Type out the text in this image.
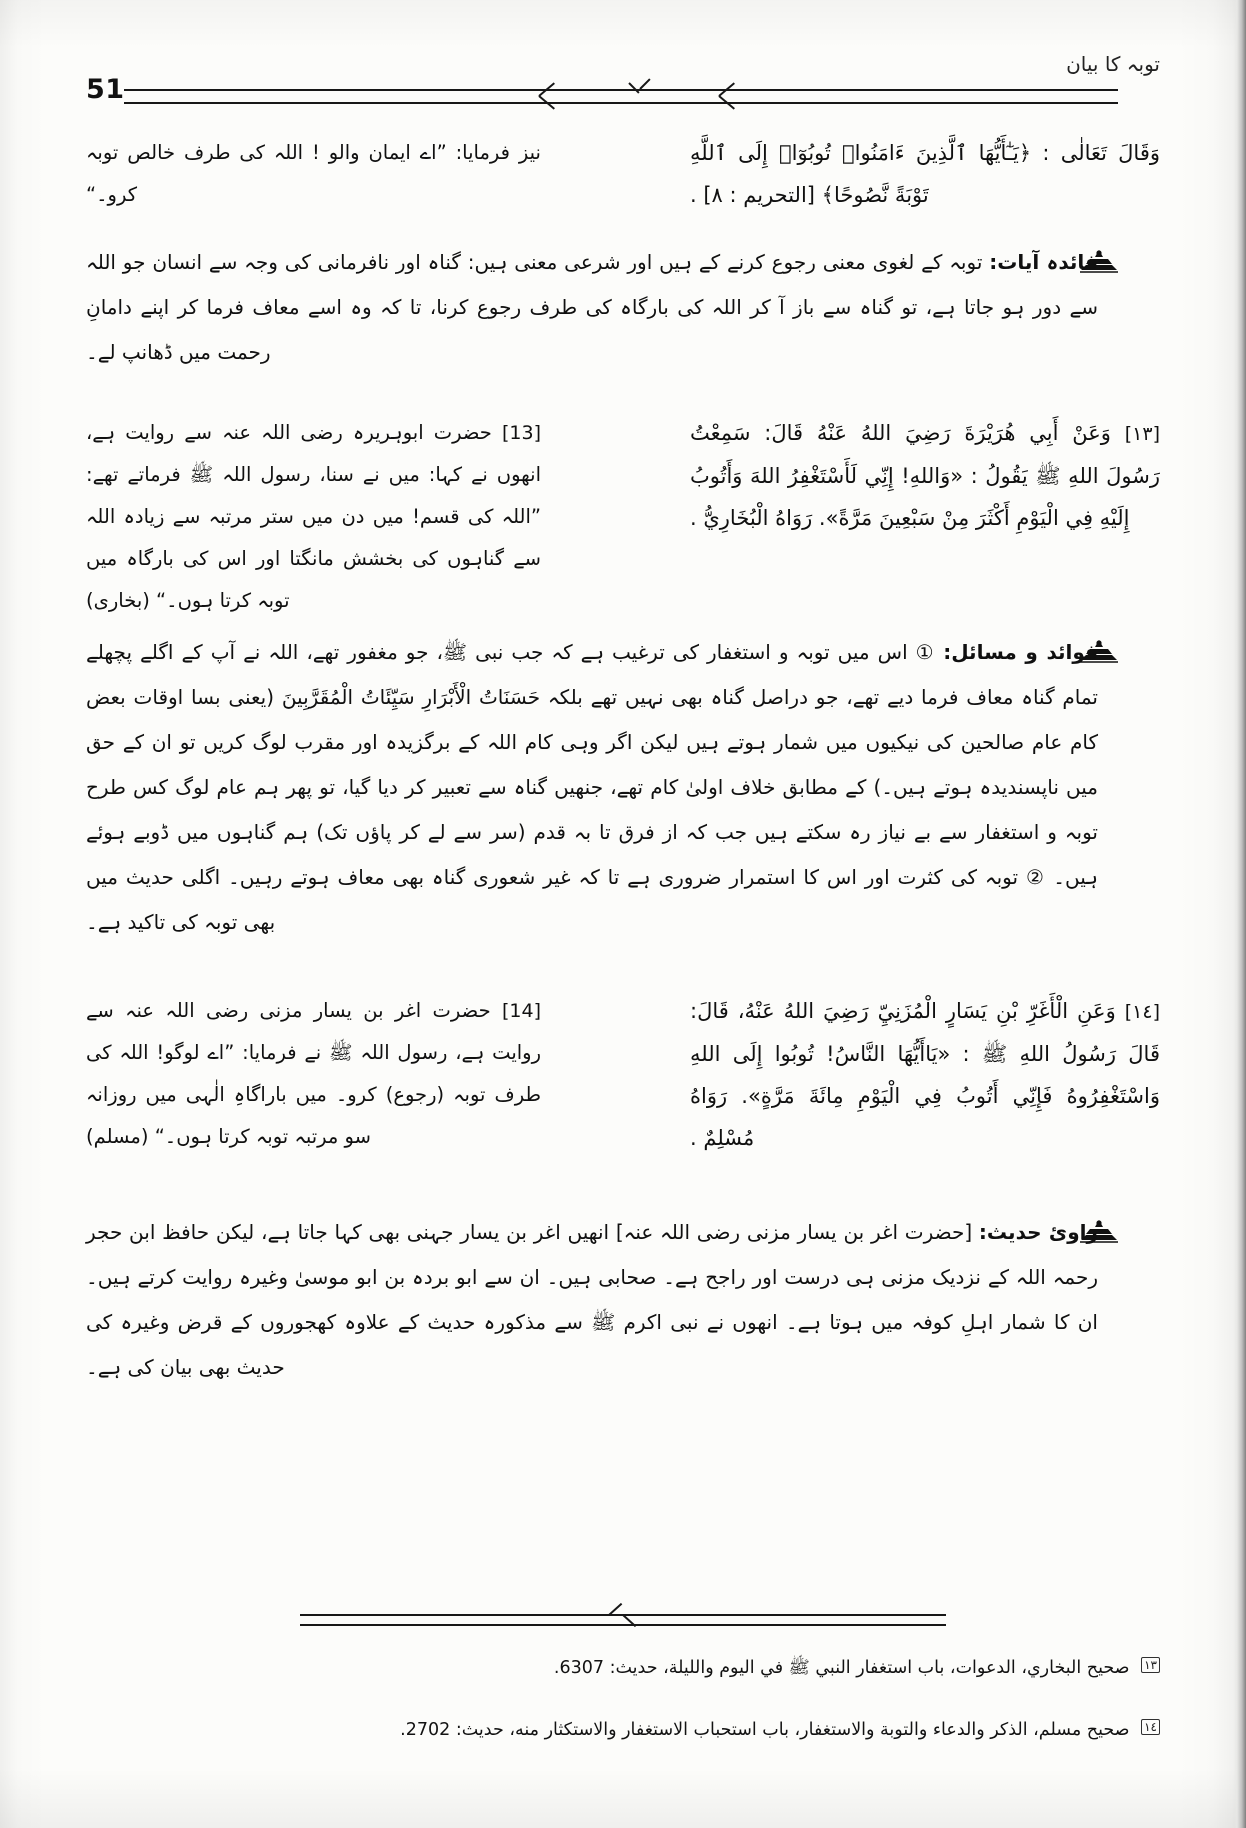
51
توبہ کا بیان
وَقَالَ تَعَالٰى : ﴿يَـٰٓأَيُّهَا ٱلَّذِينَ ءَامَنُوا۟ تُوبُوٓا۟ إِلَى ٱللَّهِ تَوْبَةً نَّصُوحًا﴾ [التحريم : ٨] .
نیز فرمایا: ”اے ایمان والو ! اللہ کی طرف خالص توبہ کرو۔“
فائدہ آیات: توبہ کے لغوی معنی رجوع کرنے کے ہیں اور شرعی معنی ہیں: گناہ اور نافرمانی کی وجہ سے انسان جو اللہ سے دور ہو جاتا ہے، تو گناہ سے باز آ کر اللہ کی بارگاہ کی طرف رجوع کرنا، تا کہ وہ اسے معاف فرما کر اپنے دامانِ رحمت میں ڈھانپ لے۔
[١٣] وَعَنْ أَبِي هُرَيْرَةَ رَضِيَ اللهُ عَنْهُ قَالَ: سَمِعْتُ رَسُولَ اللهِ ﷺ يَقُولُ : «وَاللهِ! إِنِّي لَأَسْتَغْفِرُ اللهَ وَأَتُوبُ إِلَيْهِ فِي الْيَوْمِ أَكْثَرَ مِنْ سَبْعِينَ مَرَّةً». رَوَاهُ الْبُخَارِيُّ .
[13] حضرت ابوہریرہ رضی اللہ عنہ سے روایت ہے، انھوں نے کہا: میں نے سنا، رسول اللہ ﷺ فرماتے تھے: ”اللہ کی قسم! میں دن میں ستر مرتبہ سے زیادہ اللہ سے گناہوں کی بخشش مانگتا اور اس کی بارگاہ میں توبہ کرتا ہوں۔“ (بخاری)
فوائد و مسائل: ① اس میں توبہ و استغفار کی ترغیب ہے کہ جب نبی ﷺ، جو مغفور تھے، اللہ نے آپ کے اگلے پچھلے تمام گناہ معاف فرما دیے تھے، جو دراصل گناہ بھی نہیں تھے بلکہ حَسَنَاتُ الْأَبْرَارِ سَيِّئَاتُ الْمُقَرَّبِينَ (یعنی بسا اوقات بعض کام عام صالحین کی نیکیوں میں شمار ہوتے ہیں لیکن اگر وہی کام اللہ کے برگزیدہ اور مقرب لوگ کریں تو ان کے حق میں ناپسندیدہ ہوتے ہیں۔) کے مطابق خلاف اولیٰ کام تھے، جنھیں گناہ سے تعبیر کر دیا گیا، تو پھر ہم عام لوگ کس طرح توبہ و استغفار سے بے نیاز رہ سکتے ہیں جب کہ از فرق تا بہ قدم (سر سے لے کر پاؤں تک) ہم گناہوں میں ڈوبے ہوئے ہیں۔ ② توبہ کی کثرت اور اس کا استمرار ضروری ہے تا کہ غیر شعوری گناہ بھی معاف ہوتے رہیں۔ اگلی حدیث میں بھی توبہ کی تاکید ہے۔
[١٤] وَعَنِ الْأَغَرِّ بْنِ يَسَارٍ الْمُزَنِيِّ رَضِيَ اللهُ عَنْهُ، قَالَ: قَالَ رَسُولُ اللهِ ﷺ : «يَاأَيُّهَا النَّاسُ! تُوبُوا إِلَى اللهِ وَاسْتَغْفِرُوهُ فَإِنِّي أَتُوبُ فِي الْيَوْمِ مِائَةَ مَرَّةٍ». رَوَاهُ مُسْلِمٌ .
[14] حضرت اغر بن یسار مزنی رضی اللہ عنہ سے روایت ہے، رسول اللہ ﷺ نے فرمایا: ”اے لوگو! اللہ کی طرف توبہ (رجوع) کرو۔ میں باراگاہِ الٰہی میں روزانہ سو مرتبہ توبہ کرتا ہوں۔“ (مسلم)
راویٔ حدیث: [حضرت اغر بن یسار مزنی رضی اللہ عنہ] انھیں اغر بن یسار جہنی بھی کہا جاتا ہے، لیکن حافظ ابن حجر رحمہ اللہ کے نزدیک مزنی ہی درست اور راجح ہے۔ صحابی ہیں۔ ان سے ابو بردہ بن ابو موسیٰ وغیرہ روایت کرتے ہیں۔ ان کا شمار اہلِ کوفہ میں ہوتا ہے۔ انھوں نے نبی اکرم ﷺ سے مذکورہ حدیث کے علاوہ کھجوروں کے قرض وغیرہ کی حدیث بھی بیان کی ہے۔
١٣ صحیح البخاري، الدعوات، باب استغفار النبي ﷺ في اليوم والليلة، حدیث: 6307.
١٤ صحیح مسلم، الذکر والدعاء والتوبة والاستغفار، باب استحباب الاستغفار والاستکثار منه، حدیث: 2702.
